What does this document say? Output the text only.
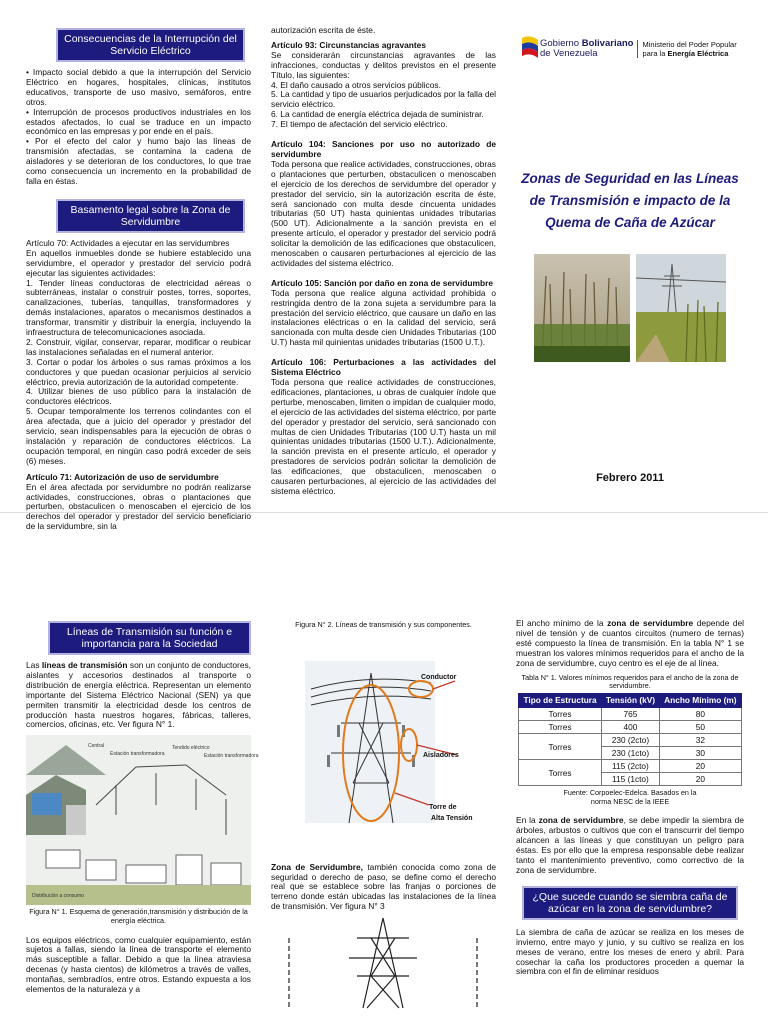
Consecuencias de la Interrupción del Servicio Eléctrico

• Impacto social debido a que la interrupción del Servicio Eléctrico en hogares, hospitales, clínicas, institutos educativos, transporte de uso masivo, semáforos, entre otros.

• Interrupción de procesos productivos industriales en los estados afectados, lo cual se traduce en un impacto económico en las empresas y por ende en el país.

• Por el efecto del calor y humo bajo las líneas de transmisión afectadas, se contamina la cadena de aisladores y se deterioran de los conductores, lo que trae como consecuencia un incremento en la probabilidad de falla en éstas.

Basamento legal sobre la Zona de Servidumbre

Artículo 70: Actividades a ejecutar en las servidumbres

En aquellos inmuebles donde se hubiere establecido una servidumbre, el operador y prestador del servicio podrá ejecutar las siguientes actividades:

1. Tender líneas conductoras de electricidad aéreas o subterráneas, instalar o construir postes, torres, soportes, canalizaciones, tuberías, tanquillas, transformadores y demás instalaciones, aparatos o mecanismos destinados a transformar, transmitir y distribuir la energía, incluyendo la infraestructura de telecomunicaciones asociada.

2. Construir, vigilar, conservar, reparar, modificar o reubicar las instalaciones señaladas en el numeral anterior.

3. Cortar o podar los árboles o sus ramas próximos a los conductores y que puedan ocasionar perjuicios al servicio eléctrico, previa autorización de la autoridad competente.

4. Utilizar bienes de uso público para la instalación de conductores eléctricos.

5. Ocupar temporalmente los terrenos colindantes con el área afectada, que a juicio del operador y prestador del servicio, sean indispensables para la ejecución de obras o instalación y reparación de conductores eléctricos. La ocupación temporal, en ningún caso podrá exceder de seis (6) meses.

Artículo 71: Autorización de uso de servidumbre

En el área afectada por servidumbre no podrán realizarse actividades, construcciones, obras o plantaciones que perturben, obstaculicen o menoscaben el ejercicio de los derechos del operador y prestador del servicio beneficiario de la servidumbre, sin la

autorización escrita de éste.

Artículo 93: Circunstancias agravantes

Se considerarán circunstancias agravantes de las infracciones, conductas y delitos previstos en el presente Título, las siguientes:

4. El daño causado a otros servicios públicos.

5. La cantidad y tipo de usuarios perjudicados por la falla del servicio eléctrico.

6. La cantidad de energía eléctrica dejada de suministrar.

7. El tiempo de afectación del servicio eléctrico.

Artículo 104: Sanciones por uso no autorizado de servidumbre

Toda persona que realice actividades, construcciones, obras o plantaciones que perturben, obstaculicen o menoscaben el ejercicio de los derechos de servidumbre del operador y prestador del servicio, sin la autorización escrita de éste, será sancionado con multa desde cincuenta unidades tributarias (50 UT) hasta quinientas unidades tributarias (500 UT). Adicionalmente a la sanción prevista en el presente artículo, el operador y prestador del servicio podrá solicitar la demolición de las edificaciones que obstaculicen, menoscaben o causaren perturbaciones al ejercicio de las actividades del sistema eléctrico.

Artículo 105: Sanción por daño en zona de servidumbre

Toda persona que realice alguna actividad prohibida o restringida dentro de la zona sujeta a servidumbre para la prestación del servicio eléctrico, que causare un daño en las instalaciones eléctricas o en la calidad del servicio, será sancionada con multa desde cien Unidades Tributarias (100 U.T) hasta mil quinientas unidades tributarias (1500 U.T.).

Artículo 106: Perturbaciones a las actividades del Sistema Eléctrico

Toda persona que realice actividades de construcciones, edificaciones, plantaciones, u obras de cualquier índole que perturbe, menoscaben, limiten o impidan de cualquier modo, el ejercicio de las actividades del sistema eléctrico, por parte del operador y prestador del servicio, será sancionado con multas de cien Unidades Tributarias (100 U.T) hasta un mil quinientas unidades tributarias (1500 U.T.). Adicionalmente, la sanción prevista en el presente artículo, el operador y prestadores de servicios podrán solicitar la demolición de las edificaciones, que obstaculicen, menoscaben o causaren perturbaciones, al ejercicio de las actividades del sistema eléctrico.

Gobierno Bolivariano
de Venezuela
Ministerio del Poder Popular
para la Energía Eléctrica
Zonas de Seguridad en las Líneas
de Transmisión e impacto de la
Quema de Caña de Azúcar
Febrero 2011
Líneas de Transmisión su función e importancia para la Sociedad

Las líneas de transmisión son un conjunto de conductores, aislantes y accesorios destinados al transporte o distribución de energía eléctrica. Representan un elemento importante del Sistema Eléctrico Nacional (SEN) ya que permiten transmitir la electricidad desde los centros de producción hasta nuestros hogares, fábricas, talleres, comercios, oficinas, etc. Ver figura N° 1.

Central
Estación transformadora
Tendido eléctrico
Estación transformadora
Distribución a consumo

Figura N° 1. Esquema de generación,transmisión y distribución de la energía eléctrica.

Los equipos eléctricos, como cualquier equipamiento, están sujetos a fallas, siendo la línea de transporte el elemento más susceptible a fallar. Debido a que la línea atraviesa decenas (y hasta cientos) de kilómetros a través de valles, montañas, sembradíos, entre otros. Estando expuesta a los elementos de la naturaleza y a

Figura N° 2. Líneas de transmisión y sus componentes.

Conductor
Aisladores
Torre de
Alta Tensión

Zona de Servidumbre, también conocida como zona de seguridad o derecho de paso, se define como el derecho real que se establece sobre las franjas o porciones de terreno donde están ubicadas las instalaciones de la línea de transmisión. Ver figura N° 3

El ancho mínimo de la zona de servidumbre depende del nivel de tensión y de cuantos circuitos (numero de ternas) esté compuesto la línea de transmisión. En la tabla N° 1 se muestran los valores mínimos requeridos para el ancho de la zona de servidumbre, cuyo centro es el eje de al línea.

Tabla N° 1. Valores mínimos requeridos para el ancho de la zona de servidumbre.

Tipo de Estructura	Tensión (kV)	Ancho Mínimo (m)
Torres	765	80
Torres	400	50
Torres	230 (2cto)	32
	230 (1cto)	30
Torres	115 (2cto)	20
	115 (1cto)	20

Fuente: Corpoelec-Edelca. Basados en la norma NESC de la IEEE

En la zona de servidumbre, se debe impedir la siembra de árboles, arbustos o cultivos que con el transcurrir del tiempo alcancen a las líneas y que constituyan un peligro para éstas. Es por ello que la empresa responsable debe realizar tanto el mantenimiento preventivo, como correctivo de la zona de servidumbre.

¿Que sucede cuando se siembra caña de azúcar en la zona de servidumbre?

La siembra de caña de azúcar se realiza en los meses de invierno, entre mayo y junio, y su cultivo se realiza en los meses de verano, entre los meses de enero y abril. Para cosechar la caña los productores proceden a quemar la siembra con el fin de eliminar residuos
